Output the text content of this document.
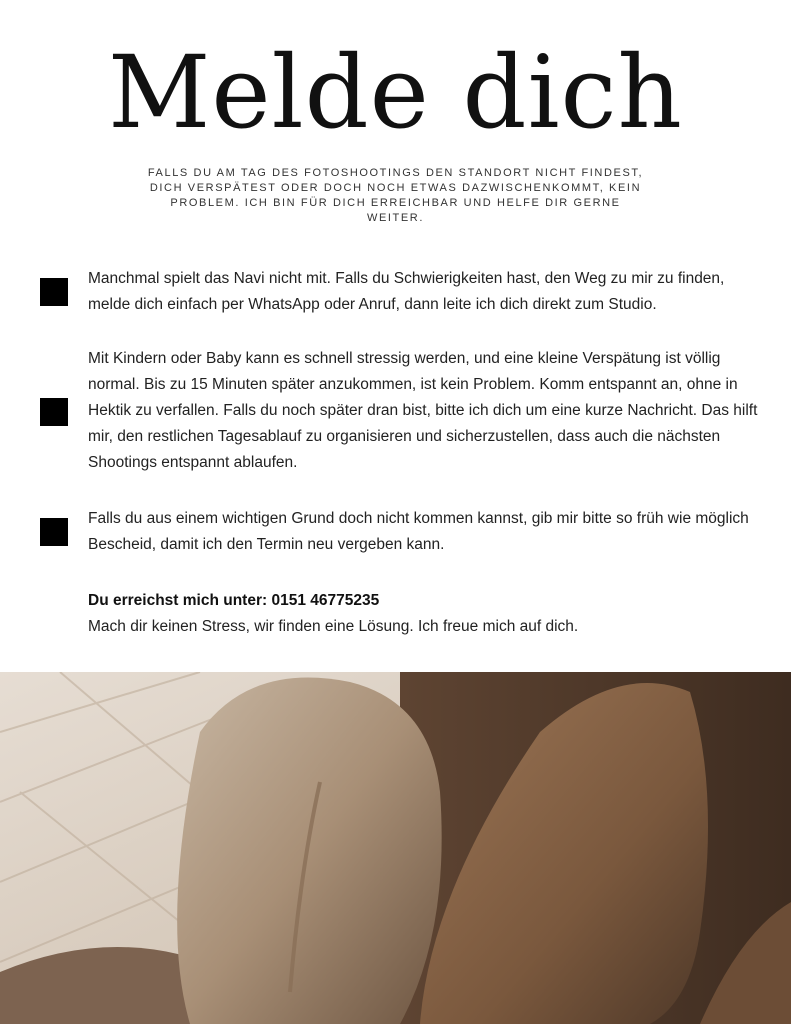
Melde dich

FALLS DU AM TAG DES FOTOSHOOTINGS DEN STANDORT NICHT FINDEST, DICH VERSPÄTEST ODER DOCH NOCH ETWAS DAZWISCHENKOMMT, KEIN PROBLEM. ICH BIN FÜR DICH ERREICHBAR UND HELFE DIR GERNE WEITER.

Manchmal spielt das Navi nicht mit. Falls du Schwierigkeiten hast, den Weg zu mir zu finden, melde dich einfach per WhatsApp oder Anruf, dann leite ich dich direkt zum Studio.

Mit Kindern oder Baby kann es schnell stressig werden, und eine kleine Verspätung ist völlig normal. Bis zu 15 Minuten später anzukommen, ist kein Problem. Komm entspannt an, ohne in Hektik zu verfallen. Falls du noch später dran bist, bitte ich dich um eine kurze Nachricht. Das hilft mir, den restlichen Tagesablauf zu organisieren und sicherzustellen, dass auch die nächsten Shootings entspannt ablaufen.

Falls du aus einem wichtigen Grund doch nicht kommen kannst, gib mir bitte so früh wie möglich Bescheid, damit ich den Termin neu vergeben kann.

Du erreichst mich unter: 0151 46775235

Mach dir keinen Stress, wir finden eine Lösung. Ich freue mich auf dich.
